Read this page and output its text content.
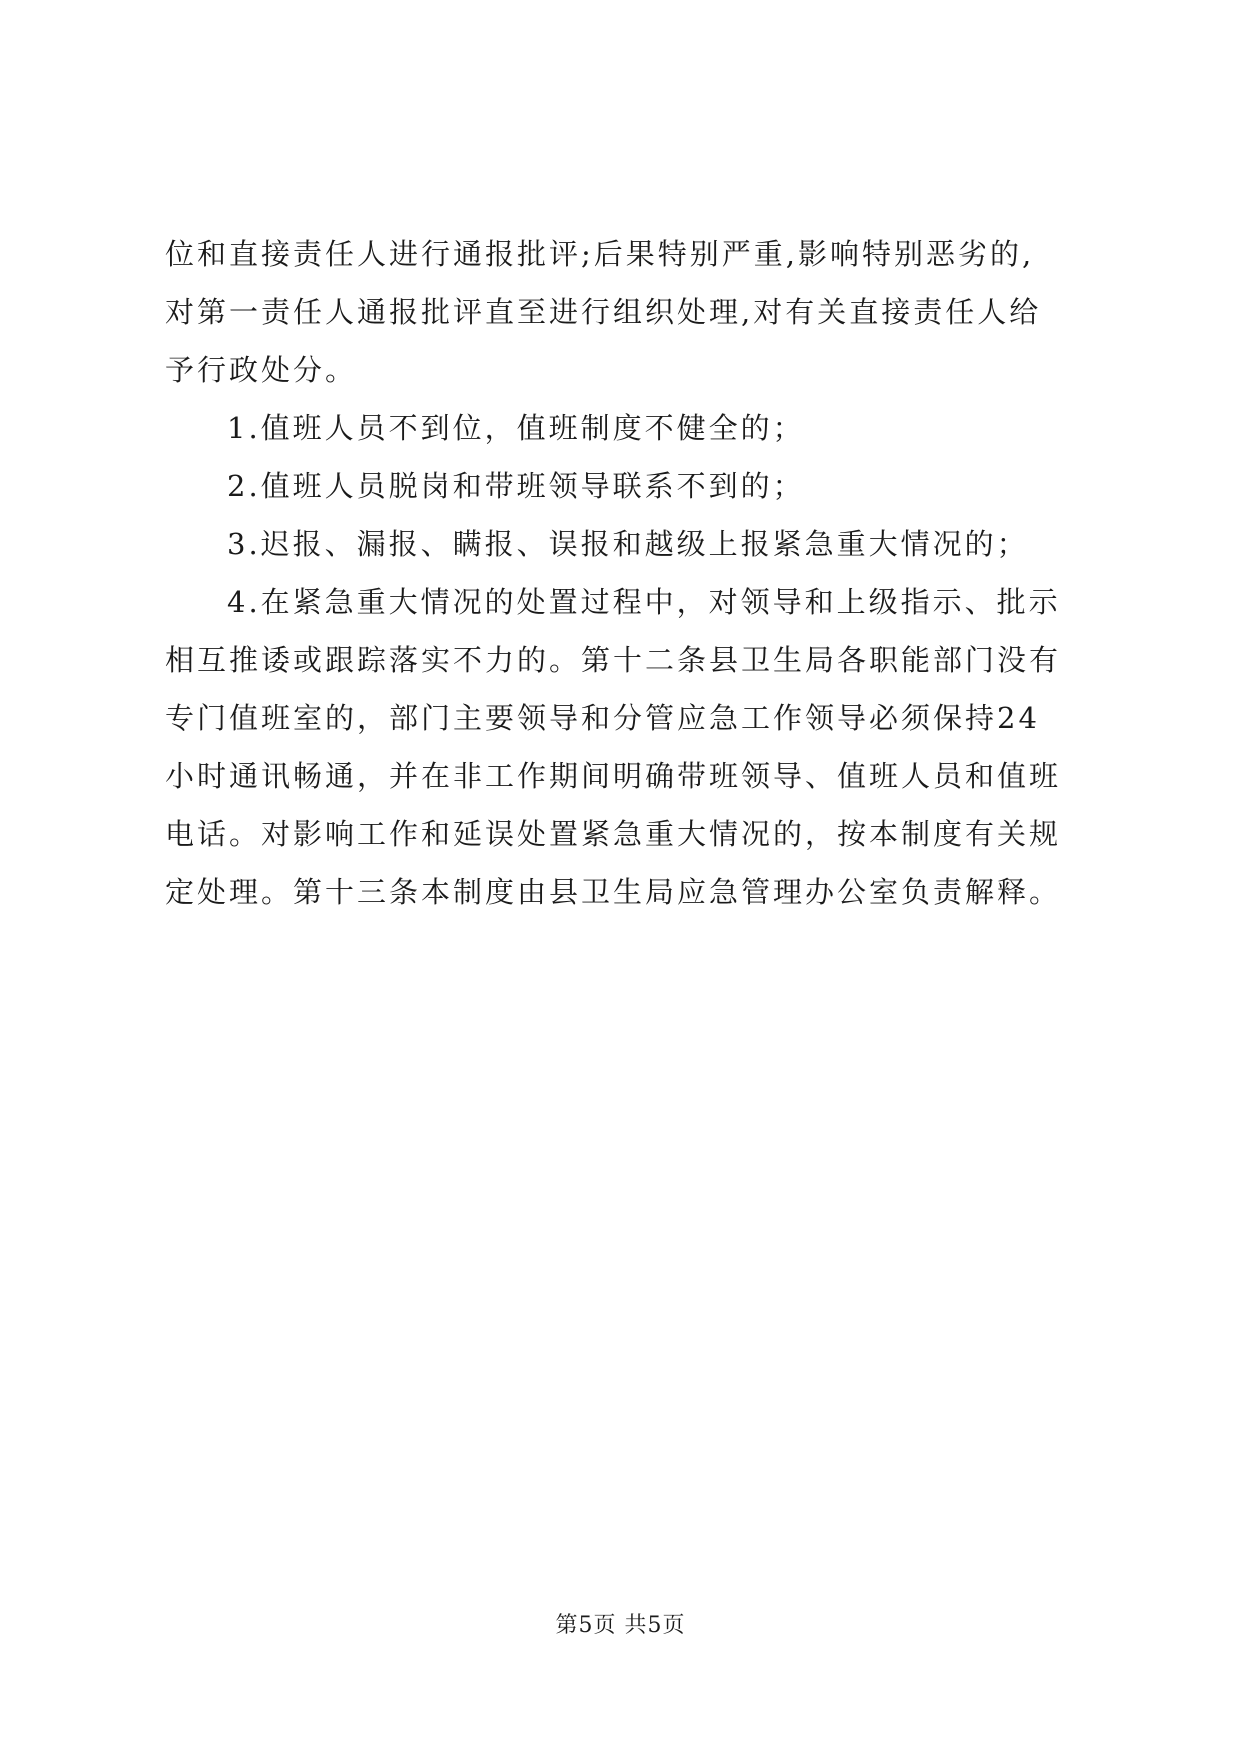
位和直接责任人进行通报批评;后果特别严重,影响特别恶劣的,
对第一责任人通报批评直至进行组织处理,对有关直接责任人给
予行政处分。
1.值班人员不到位，值班制度不健全的；
2.值班人员脱岗和带班领导联系不到的；
3.迟报、漏报、瞒报、误报和越级上报紧急重大情况的；
4.在紧急重大情况的处置过程中，对领导和上级指示、批示
相互推诿或跟踪落实不力的。第十二条县卫生局各职能部门没有
专门值班室的，部门主要领导和分管应急工作领导必须保持24
小时通讯畅通，并在非工作期间明确带班领导、值班人员和值班
电话。对影响工作和延误处置紧急重大情况的，按本制度有关规
定处理。第十三条本制度由县卫生局应急管理办公室负责解释。
第5页 共5页
